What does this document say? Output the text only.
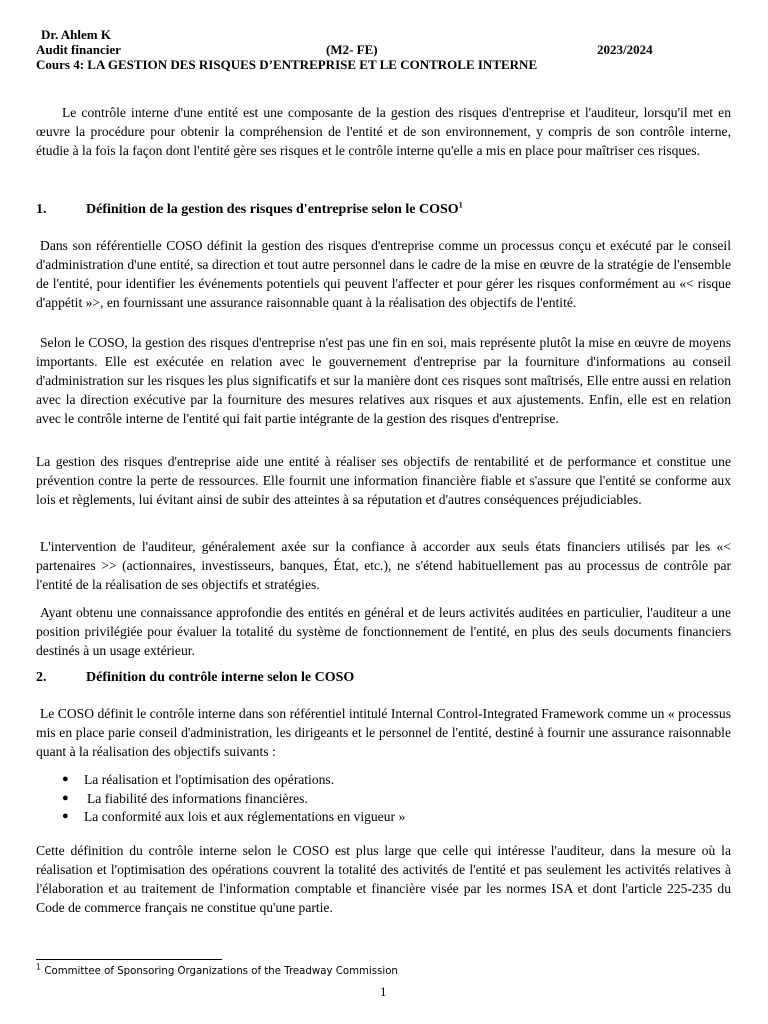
Dr. Ahlem K
Audit financier	(M2- FE)	2023/2024
Cours 4: LA GESTION DES RISQUES D’ENTREPRISE ET LE CONTROLE INTERNE
Le contrôle interne d'une entité est une composante de la gestion des risques d'entreprise et l'auditeur, lorsqu'il met en œuvre la procédure pour obtenir la compréhension de l'entité et de son environnement, y compris de son contrôle interne, étudie à la fois la façon dont l'entité gère ses risques et le contrôle interne qu'elle a mis en place pour maîtriser ces risques.
1.	Définition de la gestion des risques d'entreprise selon le COSO$^1$
Dans son référentielle COSO définit la gestion des risques d'entreprise comme un processus conçu et exécuté par le conseil d'administration d'une entité, sa direction et tout autre personnel dans le cadre de la mise en œuvre de la stratégie de l'ensemble de l'entité, pour identifier les événements potentiels qui peuvent l'affecter et pour gérer les risques conformément au «< risque d'appétit »>, en fournissant une assurance raisonnable quant à la réalisation des objectifs de l'entité.
Selon le COSO, la gestion des risques d'entreprise n'est pas une fin en soi, mais représente plutôt la mise en œuvre de moyens importants. Elle est exécutée en relation avec le gouvernement d'entreprise par la fourniture d'informations au conseil d'administration sur les risques les plus significatifs et sur la manière dont ces risques sont maîtrisés, Elle entre aussi en relation avec la direction exécutive par la fourniture des mesures relatives aux risques et aux ajustements. Enfin, elle est en relation avec le contrôle interne de l'entité qui fait partie intégrante de la gestion des risques d'entreprise.
La gestion des risques d'entreprise aide une entité à réaliser ses objectifs de rentabilité et de performance et constitue une prévention contre la perte de ressources. Elle fournit une information financière fiable et s'assure que l'entité se conforme aux lois et règlements, lui évitant ainsi de subir des atteintes à sa réputation et d'autres conséquences préjudiciables.
L'intervention de l'auditeur, généralement axée sur la confiance à accorder aux seuls états financiers utilisés par les «< partenaires >> (actionnaires, investisseurs, banques, État, etc.), ne s'étend habituellement pas au processus de contrôle par l'entité de la réalisation de ses objectifs et stratégies.
Ayant obtenu une connaissance approfondie des entités en général et de leurs activités auditées en particulier, l'auditeur a une position privilégiée pour évaluer la totalité du système de fonctionnement de l'entité, en plus des seuls documents financiers destinés à un usage extérieur.
2.	Définition du contrôle interne selon le COSO
Le COSO définit le contrôle interne dans son référentiel intitulé Internal Control-Integrated Framework comme un « processus mis en place parie conseil d'administration, les dirigeants et le personnel de l'entité, destiné à fournir une assurance raisonnable quant à la réalisation des objectifs suivants :
● La réalisation et l'optimisation des opérations.
● La fiabilité des informations financières.
● La conformité aux lois et aux réglementations en vigueur »
Cette définition du contrôle interne selon le COSO est plus large que celle qui intéresse l'auditeur, dans la mesure où la réalisation et l'optimisation des opérations couvrent la totalité des activités de l'entité et pas seulement les activités relatives à l'élaboration et au traitement de l'information comptable et financière visée par les normes ISA et dont l'article 225-235 du Code de commerce français ne constitue qu'une partie.
$^1$ Committee of Sponsoring Organizations of the Treadway Commission
1
